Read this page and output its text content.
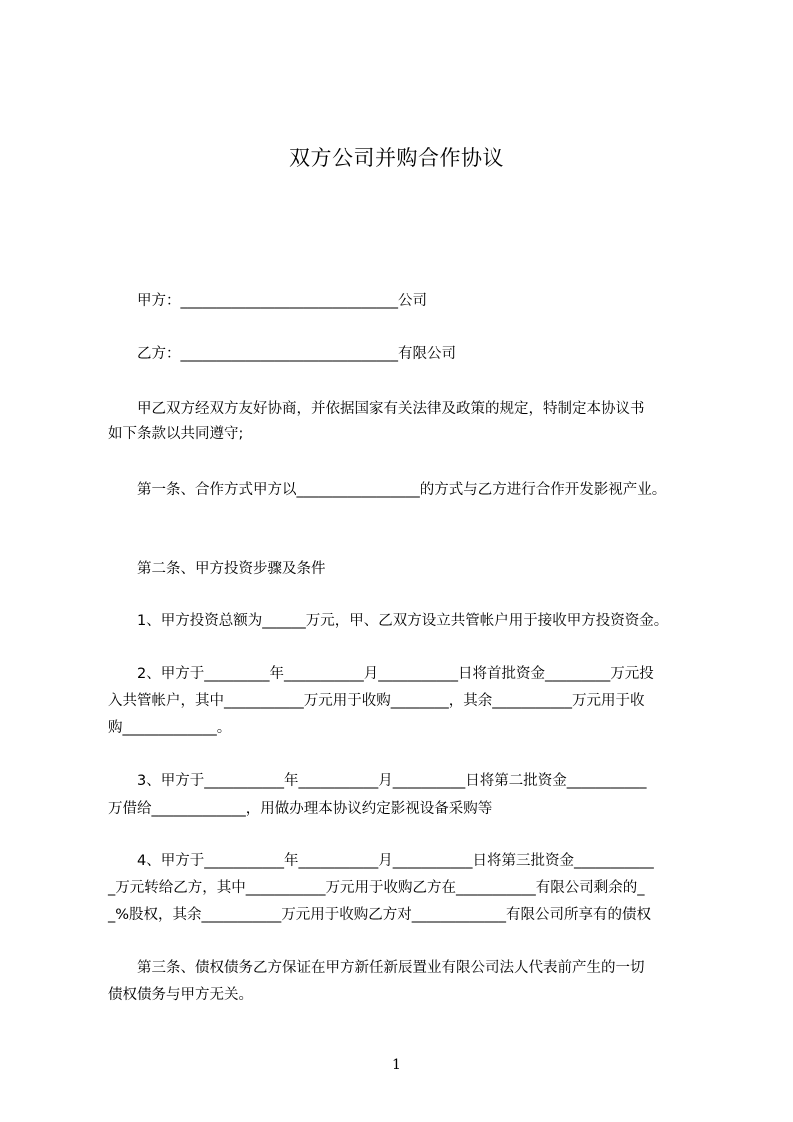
双方公司并购合作协议
甲方：______________________________公司
乙方：______________________________有限公司
甲乙双方经双方友好协商，并依据国家有关法律及政策的规定，特制定本协议书
如下条款以共同遵守;
第一条、合作方式甲方以_________________的方式与乙方进行合作开发影视产业。
第二条、甲方投资步骤及条件
1、甲方投资总额为______万元，甲、乙双方设立共管帐户用于接收甲方投资资金。
2、甲方于_________年___________月___________日将首批资金_________万元投
入共管帐户，其中___________万元用于收购________，其余___________万元用于收
购_____________。
3、甲方于___________年___________月__________日将第二批资金___________
万借给_____________，用做办理本协议约定影视设备采购等
4、甲方于___________年___________月___________日将第三批资金___________
_万元转给乙方，其中___________万元用于收购乙方在___________有限公司剩余的_
_%股权，其余___________万元用于收购乙方对_____________有限公司所享有的债权
第三条、债权债务乙方保证在甲方新任新辰置业有限公司法人代表前产生的一切
债权债务与甲方无关。
1
